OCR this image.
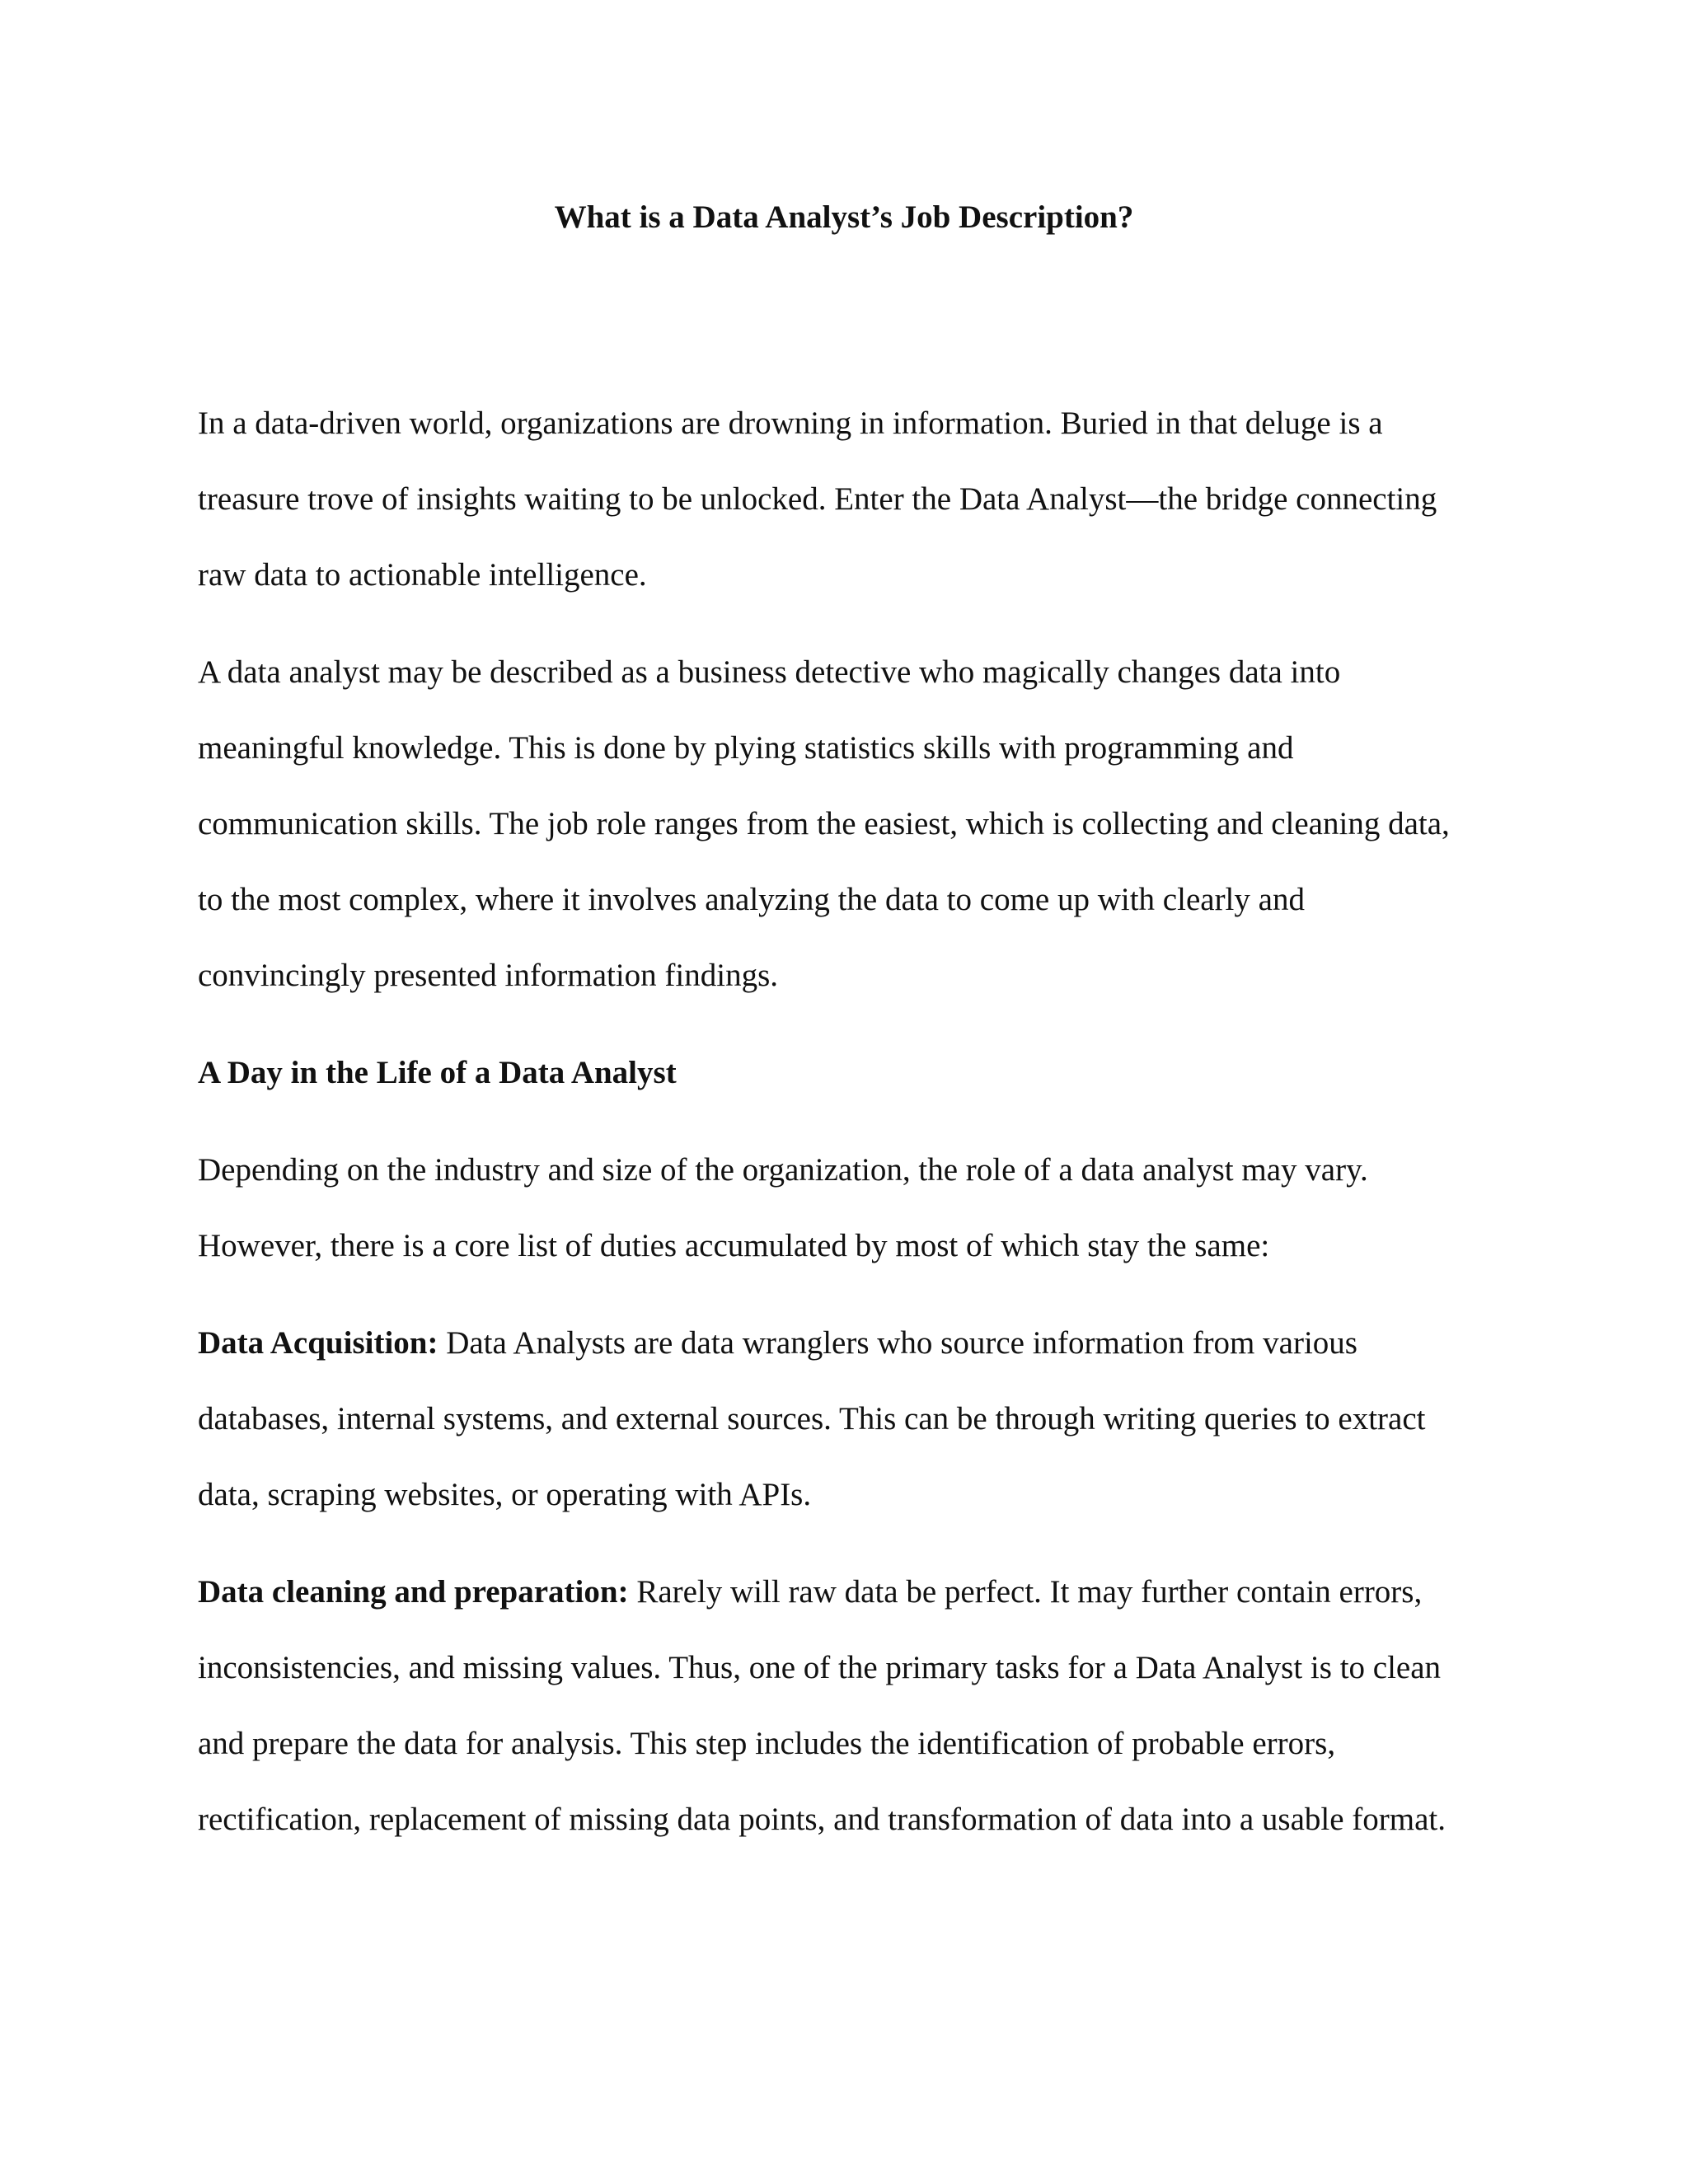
What is a Data Analyst’s Job Description?

In a data-driven world, organizations are drowning in information. Buried in that deluge is a
treasure trove of insights waiting to be unlocked. Enter the Data Analyst—the bridge connecting
raw data to actionable intelligence.

A data analyst may be described as a business detective who magically changes data into
meaningful knowledge. This is done by plying statistics skills with programming and
communication skills. The job role ranges from the easiest, which is collecting and cleaning data,
to the most complex, where it involves analyzing the data to come up with clearly and
convincingly presented information findings.

A Day in the Life of a Data Analyst

Depending on the industry and size of the organization, the role of a data analyst may vary.
However, there is a core list of duties accumulated by most of which stay the same:

Data Acquisition: Data Analysts are data wranglers who source information from various
databases, internal systems, and external sources. This can be through writing queries to extract
data, scraping websites, or operating with APIs.

Data cleaning and preparation: Rarely will raw data be perfect. It may further contain errors,
inconsistencies, and missing values. Thus, one of the primary tasks for a Data Analyst is to clean
and prepare the data for analysis. This step includes the identification of probable errors,
rectification, replacement of missing data points, and transformation of data into a usable format.
